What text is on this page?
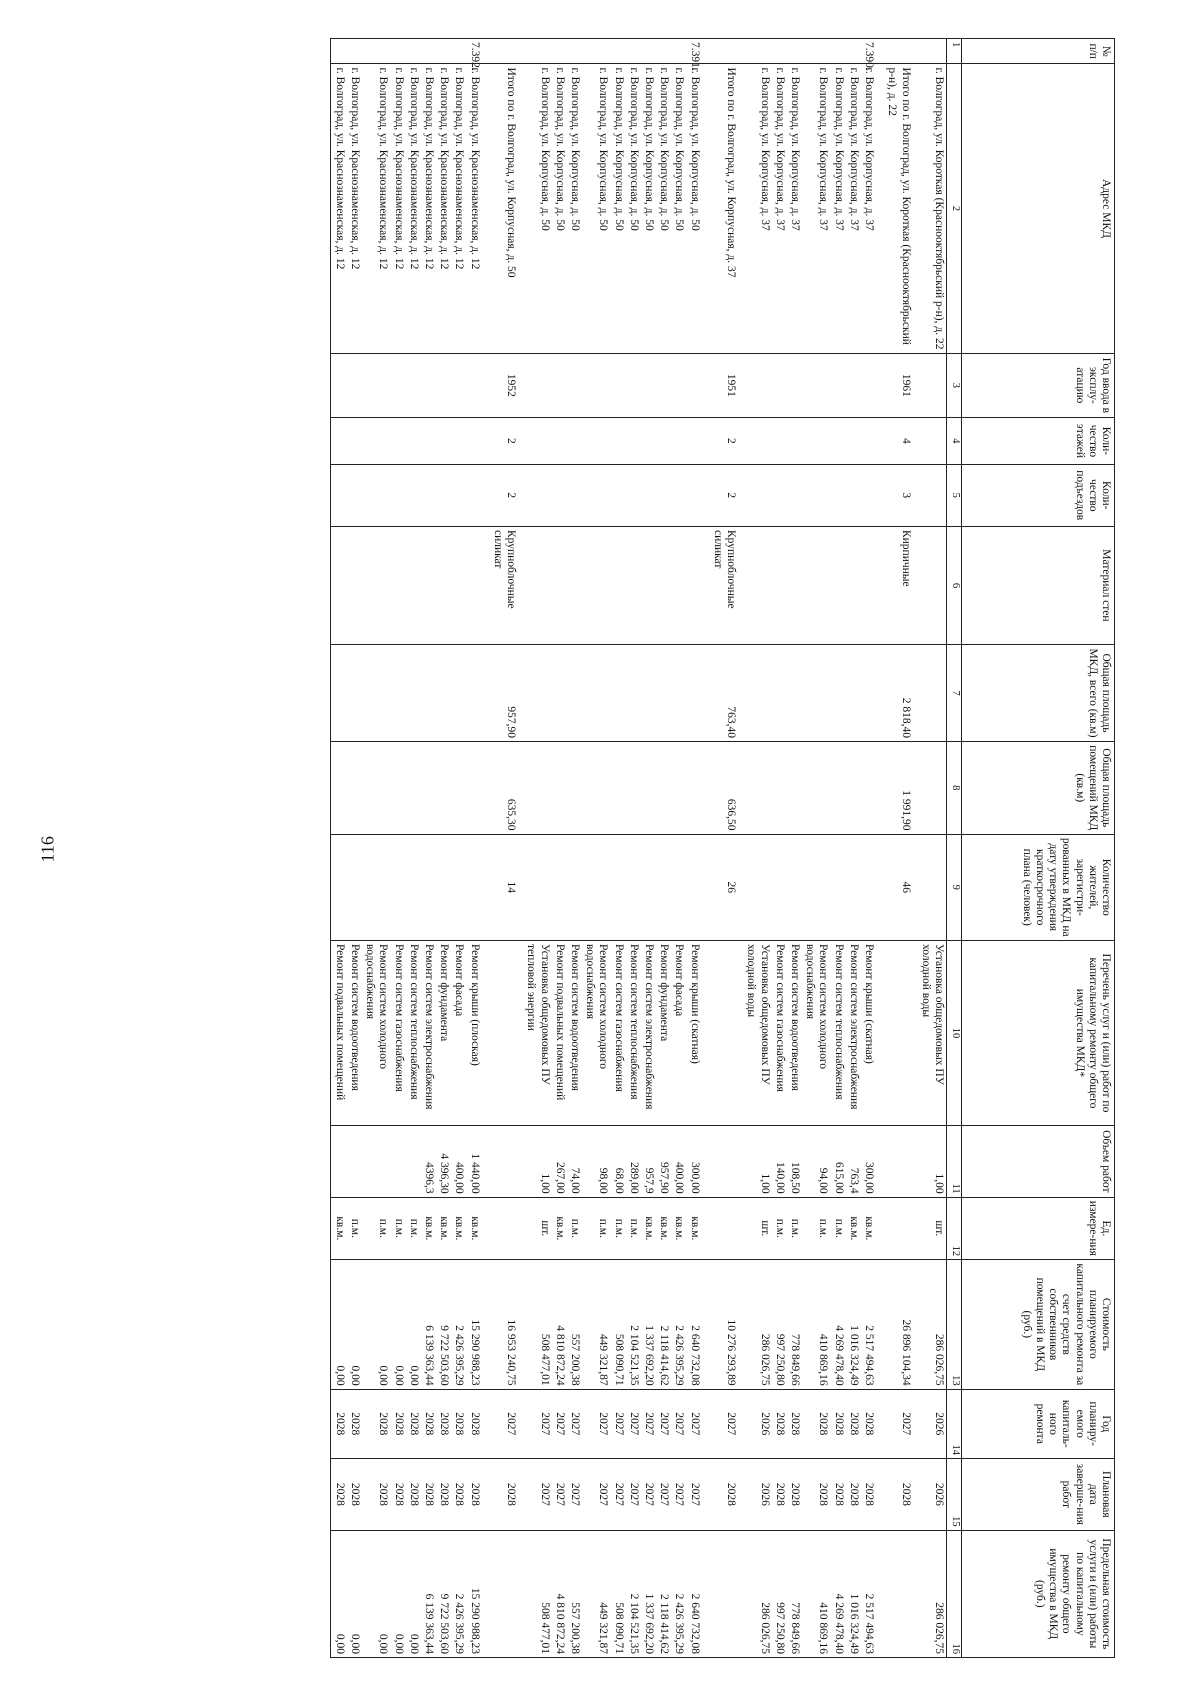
116
№ п/п	Адрес МКД	Год ввода в эксплу-атацию	Коли-чество этажей	Коли-чество подъездов	Материал стен	Общая площадь МКД, всего (кв.м)	Общая площадь помещений МКД (кв.м)	Количество жителей, зарегистри-рованных в МКД на дату утверждения краткосрочного плана (человек)	Перечень услуг и (или) работ по капитальному ремонту общего имущества МКД*	Объем работ	Ед. измере-ния	Стоимость планируемого капитального ремонта за счет средств собственников помещений в МКД (руб.)	Год планиру-емого капиталь-ного ремонта	Плановая дата заверше-ния работ	Предельная стоимость услуги и (или) работы по капитальному ремонту общего имущества в МКД (руб.)
1	2	3	4	5	6	7	8	9	10	11	12	13	14	15	16
	г. Волгоград, ул. Короткая (Краснооктябрьский р-н), д. 22								Установка общедомовых ПУ холодной воды	1,00	шт.	286 026,75	2026	2026	286 026,75
	Итого по г. Волгоград, ул. Короткая (Краснооктябрьский р-н), д. 22	1961	4	3	Кирпичные	2 818,40	1 991,90	46				26 896 104,34	2027	2028	
7.390.	г. Волгоград, ул. Корпусная, д. 37								Ремонт крыши (скатная)	300,00	кв.м.	2 517 494,63	2028	2028	2 517 494,63
	г. Волгоград, ул. Корпусная, д. 37								Ремонт систем электроснабжения	763,4	кв.м.	1 016 324,49	2028	2028	1 016 324,49
	г. Волгоград, ул. Корпусная, д. 37								Ремонт систем теплоснабжения	615,00	п.м.	4 269 478,40	2028	2028	4 269 478,40
	г. Волгоград, ул. Корпусная, д. 37								Ремонт систем холодного водоснабжения	94,00	п.м.	410 869,16	2028	2028	410 869,16
	г. Волгоград, ул. Корпусная, д. 37								Ремонт систем водоотведения	108,50	п.м.	778 849,66	2028	2028	778 849,66
	г. Волгоград, ул. Корпусная, д. 37								Ремонт систем газоснабжения	140,00	п.м.	997 250,80	2028	2028	997 250,80
	г. Волгоград, ул. Корпусная, д. 37								Установка общедомовых ПУ холодной воды	1,00	шт.	286 026,75	2026	2026	286 026,75
	Итого по г. Волгоград, ул. Корпусная, д. 37	1951	2	2	Крупноблочные силикат	763,40	636,50	26				10 276 293,89	2027	2028	
7.391.	г. Волгоград, ул. Корпусная, д. 50								Ремонт крыши (скатная)	300,00	кв.м.	2 640 732,08	2027	2027	2 640 732,08
	г. Волгоград, ул. Корпусная, д. 50								Ремонт фасада	400,00	кв.м.	2 426 395,29	2027	2027	2 426 395,29
	г. Волгоград, ул. Корпусная, д. 50								Ремонт фундамента	957,90	кв.м.	2 118 414,62	2027	2027	2 118 414,62
	г. Волгоград, ул. Корпусная, д. 50								Ремонт систем электроснабжения	957,9	кв.м.	1 337 692,20	2027	2027	1 337 692,20
	г. Волгоград, ул. Корпусная, д. 50								Ремонт систем теплоснабжения	289,00	п.м.	2 104 521,35	2027	2027	2 104 521,35
	г. Волгоград, ул. Корпусная, д. 50								Ремонт систем газоснабжения	68,00	п.м.	508 090,71	2027	2027	508 090,71
	г. Волгоград, ул. Корпусная, д. 50								Ремонт систем холодного водоснабжения	98,00	п.м.	449 321,87	2027	2027	449 321,87
	г. Волгоград, ул. Корпусная, д. 50								Ремонт систем водоотведения	74,00	п.м.	557 200,38	2027	2027	557 200,38
	г. Волгоград, ул. Корпусная, д. 50								Ремонт подвальных помещений	267,00	кв.м.	4 810 872,24	2027	2027	4 810 872,24
	г. Волгоград, ул. Корпусная, д. 50								Установка общедомовых ПУ тепловой энергии	1,00	шт.	508 477,01	2027	2027	508 477,01
	Итого по г. Волгоград, ул. Корпусная, д. 50	1952	2	2	Крупноблочные силикат	957,90	635,30	14				16 953 240,75	2027	2028	
7.392.	г. Волгоград, ул. Краснознаменская, д. 12								Ремонт крыши (плоская)	1 440,00	кв.м.	15 290 988,23	2028	2028	15 290 988,23
	г. Волгоград, ул. Краснознаменская, д. 12								Ремонт фасада	400,00	кв.м.	2 426 395,29	2028	2028	2 426 395,29
	г. Волгоград, ул. Краснознаменская, д. 12								Ремонт фундамента	4 396,30	кв.м.	9 722 503,60	2028	2028	9 722 503,60
	г. Волгоград, ул. Краснознаменская, д. 12								Ремонт систем электроснабжения	4396,3	кв.м.	6 139 363,44	2028	2028	6 139 363,44
	г. Волгоград, ул. Краснознаменская, д. 12								Ремонт систем теплоснабжения		п.м.	0,00	2028	2028	0,00
	г. Волгоград, ул. Краснознаменская, д. 12								Ремонт систем газоснабжения		п.м.	0,00	2028	2028	0,00
	г. Волгоград, ул. Краснознаменская, д. 12								Ремонт систем холодного водоснабжения		п.м.	0,00	2028	2028	0,00
	г. Волгоград, ул. Краснознаменская, д. 12								Ремонт систем водоотведения		п.м.	0,00	2028	2028	0,00
	г. Волгоград, ул. Краснознаменская, д. 12								Ремонт подвальных помещений		кв.м.	0,00	2028	2028	0,00
